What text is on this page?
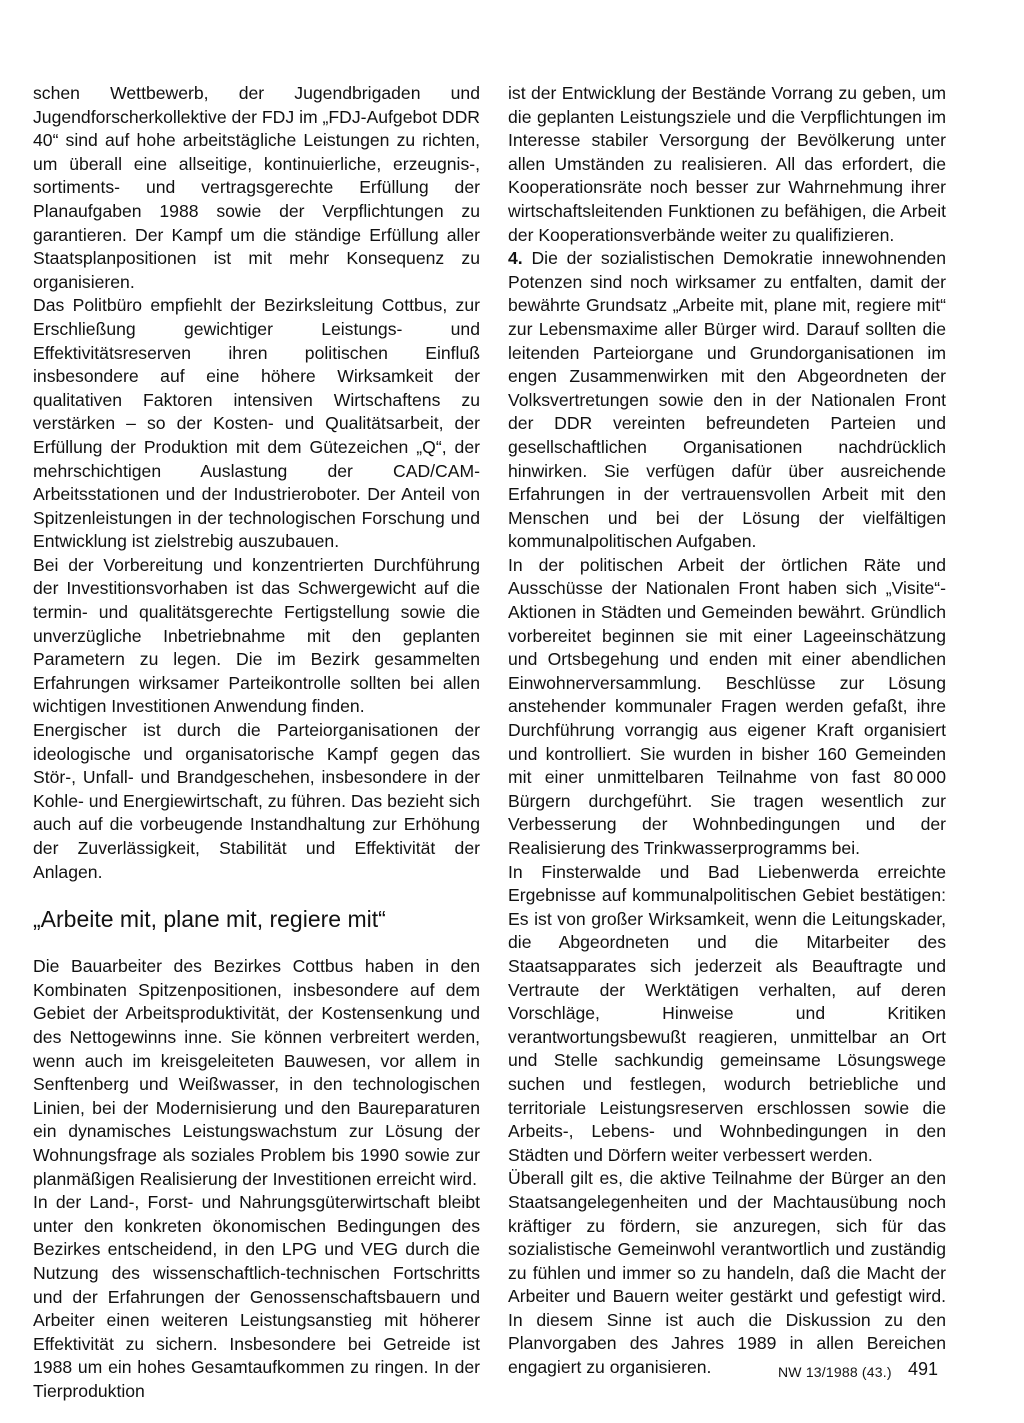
schen Wettbewerb, der Jugendbrigaden und Jugendforscherkollektive der FDJ im „FDJ-Aufgebot DDR 40“ sind auf hohe arbeitstägliche Leistungen zu richten, um überall eine allseitige, kontinuierliche, erzeugnis-, sortiments- und vertragsgerechte Erfüllung der Planaufgaben 1988 sowie der Verpflichtungen zu garantieren. Der Kampf um die ständige Erfüllung aller Staatsplanpositionen ist mit mehr Konsequenz zu organisieren.

Das Politbüro empfiehlt der Bezirksleitung Cottbus, zur Erschließung gewichtiger Leistungs- und Effektivitätsreserven ihren politischen Einfluß insbesondere auf eine höhere Wirksamkeit der qualitativen Faktoren intensiven Wirtschaftens zu verstärken – so der Kosten- und Qualitätsarbeit, der Erfüllung der Produktion mit dem Gütezeichen „Q“, der mehrschichtigen Auslastung der CAD/CAM-Arbeitsstationen und der Industrieroboter. Der Anteil von Spitzenleistungen in der technologischen Forschung und Entwicklung ist zielstrebig auszubauen.

Bei der Vorbereitung und konzentrierten Durchführung der Investitionsvorhaben ist das Schwergewicht auf die termin- und qualitätsgerechte Fertigstellung sowie die unverzügliche Inbetriebnahme mit den geplanten Parametern zu legen. Die im Bezirk gesammelten Erfahrungen wirksamer Parteikontrolle sollten bei allen wichtigen Investitionen Anwendung finden.

Energischer ist durch die Parteiorganisationen der ideologische und organisatorische Kampf gegen das Stör-, Unfall- und Brandgeschehen, insbesondere in der Kohle- und Energiewirtschaft, zu führen. Das bezieht sich auch auf die vorbeugende Instandhaltung zur Erhöhung der Zuverlässigkeit, Stabilität und Effektivität der Anlagen.

„Arbeite mit, plane mit, regiere mit“

Die Bauarbeiter des Bezirkes Cottbus haben in den Kombinaten Spitzenpositionen, insbesondere auf dem Gebiet der Arbeitsproduktivität, der Kostensenkung und des Nettogewinns inne. Sie können verbreitert werden, wenn auch im kreisgeleiteten Bauwesen, vor allem in Senftenberg und Weißwasser, in den technologischen Linien, bei der Modernisierung und den Baureparaturen ein dynamisches Leistungswachstum zur Lösung der Wohnungsfrage als soziales Problem bis 1990 sowie zur planmäßigen Realisierung der Investitionen erreicht wird.

In der Land-, Forst- und Nahrungsgüterwirtschaft bleibt unter den konkreten ökonomischen Bedingungen des Bezirkes entscheidend, in den LPG und VEG durch die Nutzung des wissenschaftlich-technischen Fortschritts und der Erfahrungen der Genossenschaftsbauern und Arbeiter einen weiteren Leistungsanstieg mit höherer Effektivität zu sichern. Insbesondere bei Getreide ist 1988 um ein hohes Gesamtaufkommen zu ringen. In der Tierproduktion

ist der Entwicklung der Bestände Vorrang zu geben, um die geplanten Leistungsziele und die Verpflichtungen im Interesse stabiler Versorgung der Bevölkerung unter allen Umständen zu realisieren. All das erfordert, die Kooperationsräte noch besser zur Wahrnehmung ihrer wirtschaftsleitenden Funktionen zu befähigen, die Arbeit der Kooperationsverbände weiter zu qualifizieren.

4. Die der sozialistischen Demokratie innewohnenden Potenzen sind noch wirksamer zu entfalten, damit der bewährte Grundsatz „Arbeite mit, plane mit, regiere mit“ zur Lebensmaxime aller Bürger wird. Darauf sollten die leitenden Parteiorgane und Grundorganisationen im engen Zusammenwirken mit den Abgeordneten der Volksvertretungen sowie den in der Nationalen Front der DDR vereinten befreundeten Parteien und gesellschaftlichen Organisationen nachdrücklich hinwirken. Sie verfügen dafür über ausreichende Erfahrungen in der vertrauensvollen Arbeit mit den Menschen und bei der Lösung der vielfältigen kommunalpolitischen Aufgaben.

In der politischen Arbeit der örtlichen Räte und Ausschüsse der Nationalen Front haben sich „Visite“-Aktionen in Städten und Gemeinden bewährt. Gründlich vorbereitet beginnen sie mit einer Lageeinschätzung und Ortsbegehung und enden mit einer abendlichen Einwohnerversammlung. Beschlüsse zur Lösung anstehender kommunaler Fragen werden gefaßt, ihre Durchführung vorrangig aus eigener Kraft organisiert und kontrolliert. Sie wurden in bisher 160 Gemeinden mit einer unmittelbaren Teilnahme von fast 80 000 Bürgern durchgeführt. Sie tragen wesentlich zur Verbesserung der Wohnbedingungen und der Realisierung des Trinkwasserprogramms bei.

In Finsterwalde und Bad Liebenwerda erreichte Ergebnisse auf kommunalpolitischen Gebiet bestätigen: Es ist von großer Wirksamkeit, wenn die Leitungskader, die Abgeordneten und die Mitarbeiter des Staatsapparates sich jederzeit als Beauftragte und Vertraute der Werktätigen verhalten, auf deren Vorschläge, Hinweise und Kritiken verantwortungsbewußt reagieren, unmittelbar an Ort und Stelle sachkundig gemeinsame Lösungswege suchen und festlegen, wodurch betriebliche und territoriale Leistungsreserven erschlossen sowie die Arbeits-, Lebens- und Wohnbedingungen in den Städten und Dörfern weiter verbessert werden.

Überall gilt es, die aktive Teilnahme der Bürger an den Staatsangelegenheiten und der Machtausübung noch kräftiger zu fördern, sie anzuregen, sich für das sozialistische Gemeinwohl verantwortlich und zuständig zu fühlen und immer so zu handeln, daß die Macht der Arbeiter und Bauern weiter gestärkt und gefestigt wird. In diesem Sinne ist auch die Diskussion zu den Planvorgaben des Jahres 1989 in allen Bereichen engagiert zu organisieren.	NW 13/1988 (43.) 491
